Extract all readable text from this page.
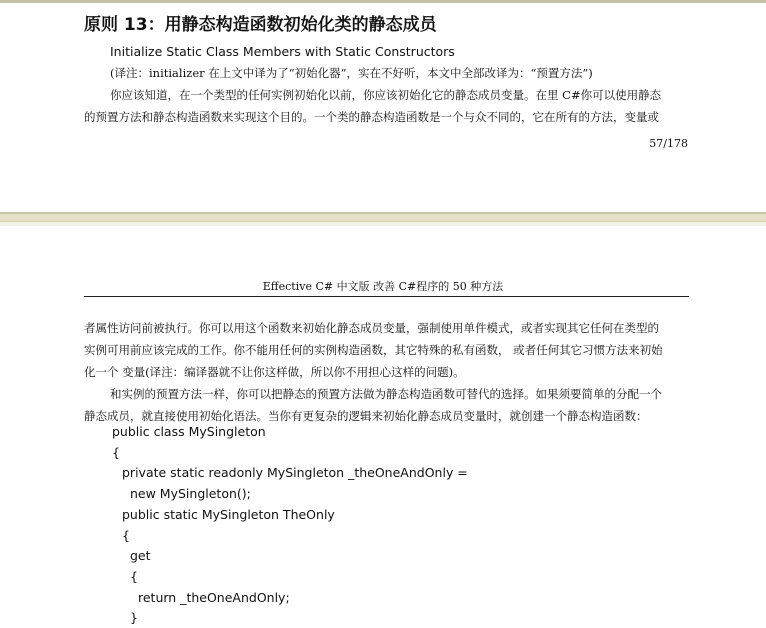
原则 13：用静态构造函数初始化类的静态成员
Initialize Static Class Members with Static Constructors
(译注：initializer 在上文中译为了“初始化器”，实在不好听，本文中全部改译为：“预置方法”)
你应该知道，在一个类型的任何实例初始化以前，你应该初始化它的静态成员变量。在里 C#你可以使用静态
的预置方法和静态构造函数来实现这个目的。一个类的静态构造函数是一个与众不同的，它在所有的方法，变量或
57/178
Effective C# 中文版 改善 C#程序的 50 种方法
者属性访问前被执行。你可以用这个函数来初始化静态成员变量，强制使用单件模式，或者实现其它任何在类型的
实例可用前应该完成的工作。你不能用任何的实例构造函数，其它特殊的私有函数， 或者任何其它习惯方法来初始
化一个 变量(译注：编译器就不让你这样做，所以你不用担心这样的问题)。
和实例的预置方法一样，你可以把静态的预置方法做为静态构造函数可替代的选择。如果须要简单的分配一个
静态成员，就直接使用初始化语法。当你有更复杂的逻辑来初始化静态成员变量时，就创建一个静态构造函数：
public class MySingleton
{
private static readonly MySingleton _theOneAndOnly =
new MySingleton();
public static MySingleton TheOnly
{
get
{
return _theOneAndOnly;
}
